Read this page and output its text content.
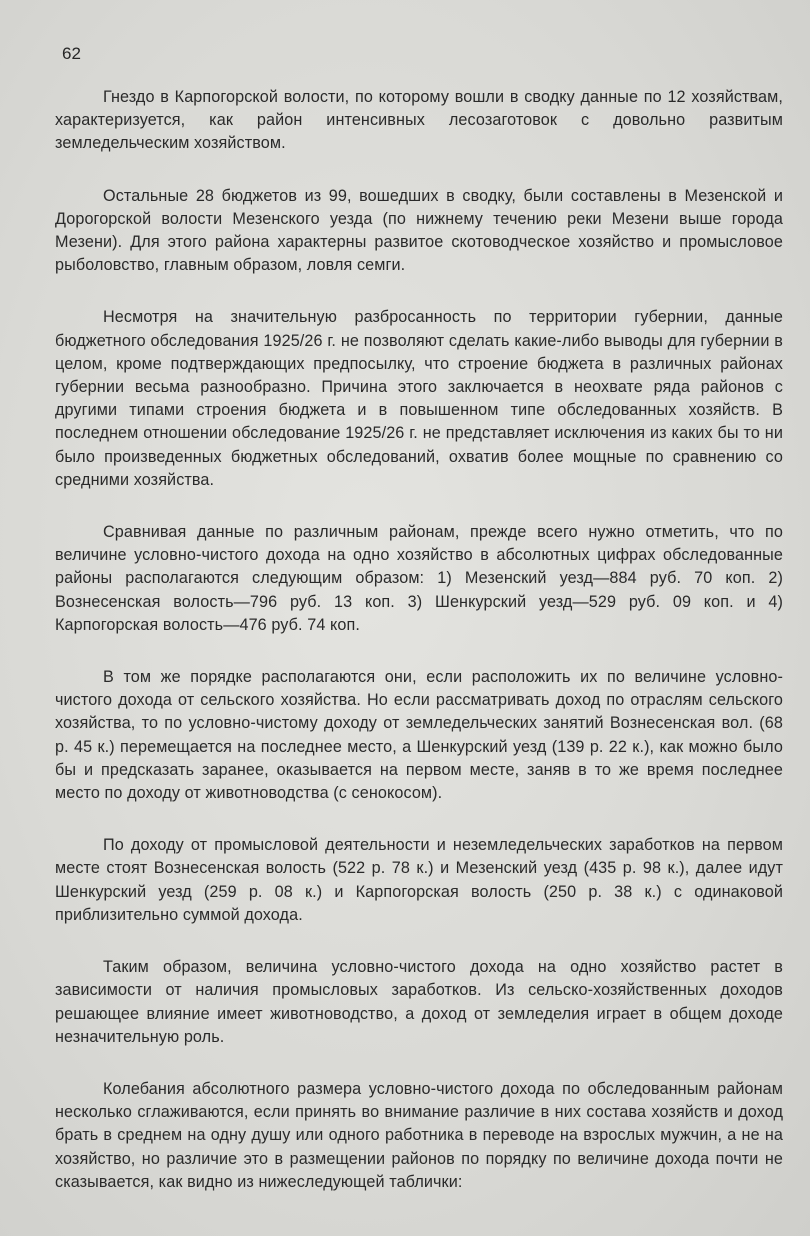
62

Гнездо в Карпогорской волости, по которому вошли в сводку данные по 12 хозяйствам, характеризуется, как район интенсивных лесозаготовок с довольно развитым земледельческим хозяйством.

Остальные 28 бюджетов из 99, вошедших в сводку, были составлены в Мезенской и Дорогорской волости Мезенского уезда (по нижнему течению реки Мезени выше города Мезени). Для этого района характерны развитое скотоводческое хозяйство и промысловое рыболовство, главным образом, ловля семги.

Несмотря на значительную разбросанность по территории губернии, данные бюджетного обследования 1925/26 г. не позволяют сделать какие-либо выводы для губернии в целом, кроме подтверждающих предпосылку, что строение бюджета в различных районах губернии весьма разнообразно. Причина этого заключается в неохвате ряда районов с другими типами строения бюджета и в повышенном типе обследованных хозяйств. В последнем отношении обследование 1925/26 г. не представляет исключения из каких бы то ни было произведенных бюджетных обследований, охватив более мощные по сравнению со средними хозяйства.

Сравнивая данные по различным районам, прежде всего нужно отметить, что по величине условно-чистого дохода на одно хозяйство в абсолютных цифрах обследованные районы располагаются следующим образом: 1) Мезенский уезд—884 руб. 70 коп. 2) Вознесенская волость—796 руб. 13 коп. 3) Шенкурский уезд—529 руб. 09 коп. и 4) Карпогорская волость—476 руб. 74 коп.

В том же порядке располагаются они, если расположить их по величине условно-чистого дохода от сельского хозяйства. Но если рассматривать доход по отраслям сельского хозяйства, то по условно-чистому доходу от земледельческих занятий Вознесенская вол. (68 р. 45 к.) перемещается на последнее место, а Шенкурский уезд (139 р. 22 к.), как можно было бы и предсказать заранее, оказывается на первом месте, заняв в то же время последнее место по доходу от животноводства (с сенокосом).

По доходу от промысловой деятельности и неземледельческих заработков на первом месте стоят Вознесенская волость (522 р. 78 к.) и Мезенский уезд (435 р. 98 к.), далее идут Шенкурский уезд (259 р. 08 к.) и Карпогорская волость (250 р. 38 к.) с одинаковой приблизительно суммой дохода.

Таким образом, величина условно-чистого дохода на одно хозяйство растет в зависимости от наличия промысловых заработков. Из сельско-хозяйственных доходов решающее влияние имеет животноводство, а доход от земледелия играет в общем доходе незначительную роль.

Колебания абсолютного размера условно-чистого дохода по обследованным районам несколько сглаживаются, если принять во внимание различие в них состава хозяйств и доход брать в среднем на одну душу или одного работника в переводе на взрослых мужчин, а не на хозяйство, но различие это в размещении районов по порядку по величине дохода почти не сказывается, как видно из нижеследующей таблички:
